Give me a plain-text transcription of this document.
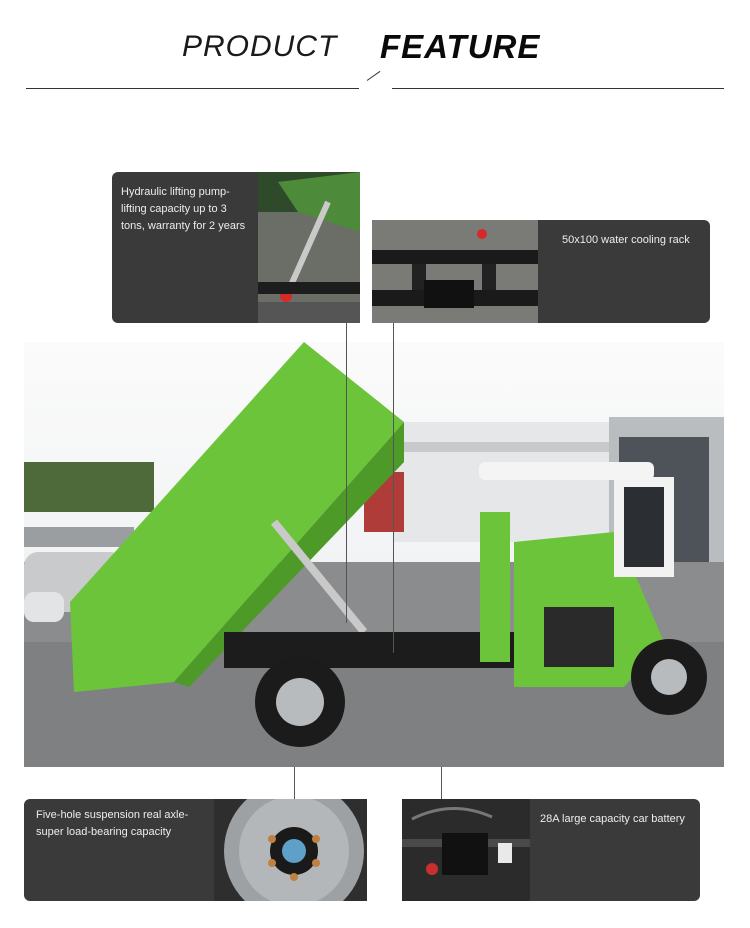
PRODUCT FEATURE
Hydraulic lifting pump-lifting capacity up to 3 tons, warranty for 2 years
50x100 water cooling rack
Five-hole suspension real axle-super load-bearing capacity
28A large capacity car battery
